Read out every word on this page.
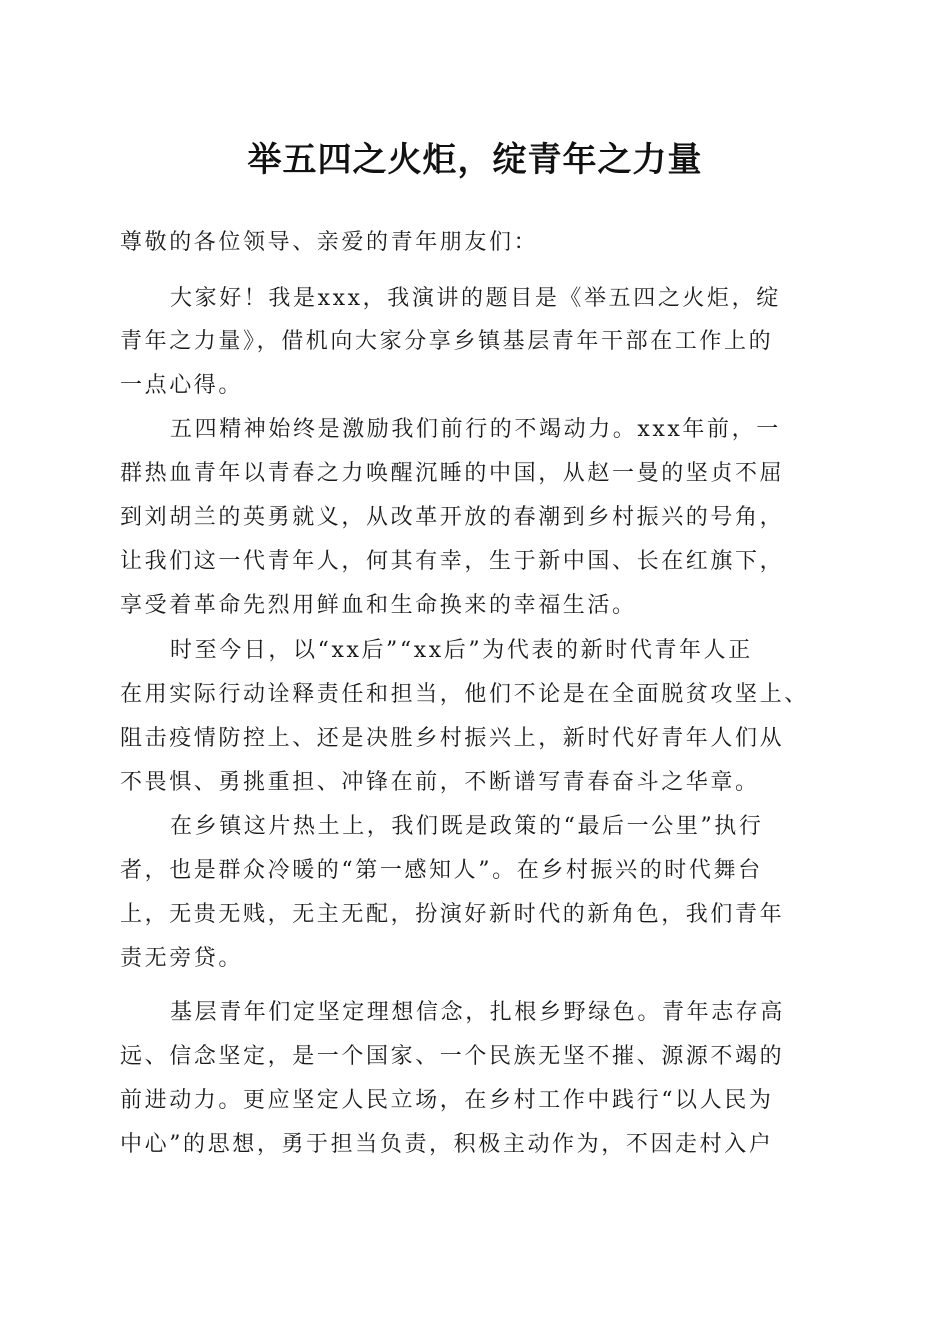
举五四之火炬，绽青年之力量
尊敬的各位领导、亲爱的青年朋友们：
大家好！我是xxx，我演讲的题目是《举五四之火炬，绽
青年之力量》，借机向大家分享乡镇基层青年干部在工作上的
一点心得。
五四精神始终是激励我们前行的不竭动力。xxx年前，一
群热血青年以青春之力唤醒沉睡的中国，从赵一曼的坚贞不屈
到刘胡兰的英勇就义，从改革开放的春潮到乡村振兴的号角，
让我们这一代青年人，何其有幸，生于新中国、长在红旗下，
享受着革命先烈用鲜血和生命换来的幸福生活。
时至今日，以“xx后”“xx后”为代表的新时代青年人正
在用实际行动诠释责任和担当，他们不论是在全面脱贫攻坚上、
阻击疫情防控上、还是决胜乡村振兴上，新时代好青年人们从
不畏惧、勇挑重担、冲锋在前，不断谱写青春奋斗之华章。
在乡镇这片热土上，我们既是政策的“最后一公里”执行
者，也是群众冷暖的“第一感知人”。在乡村振兴的时代舞台
上，无贵无贱，无主无配，扮演好新时代的新角色，我们青年
责无旁贷。
基层青年们定坚定理想信念，扎根乡野绿色。青年志存高
远、信念坚定，是一个国家、一个民族无坚不摧、源源不竭的
前进动力。更应坚定人民立场，在乡村工作中践行“以人民为
中心”的思想，勇于担当负责，积极主动作为，不因走村入户
